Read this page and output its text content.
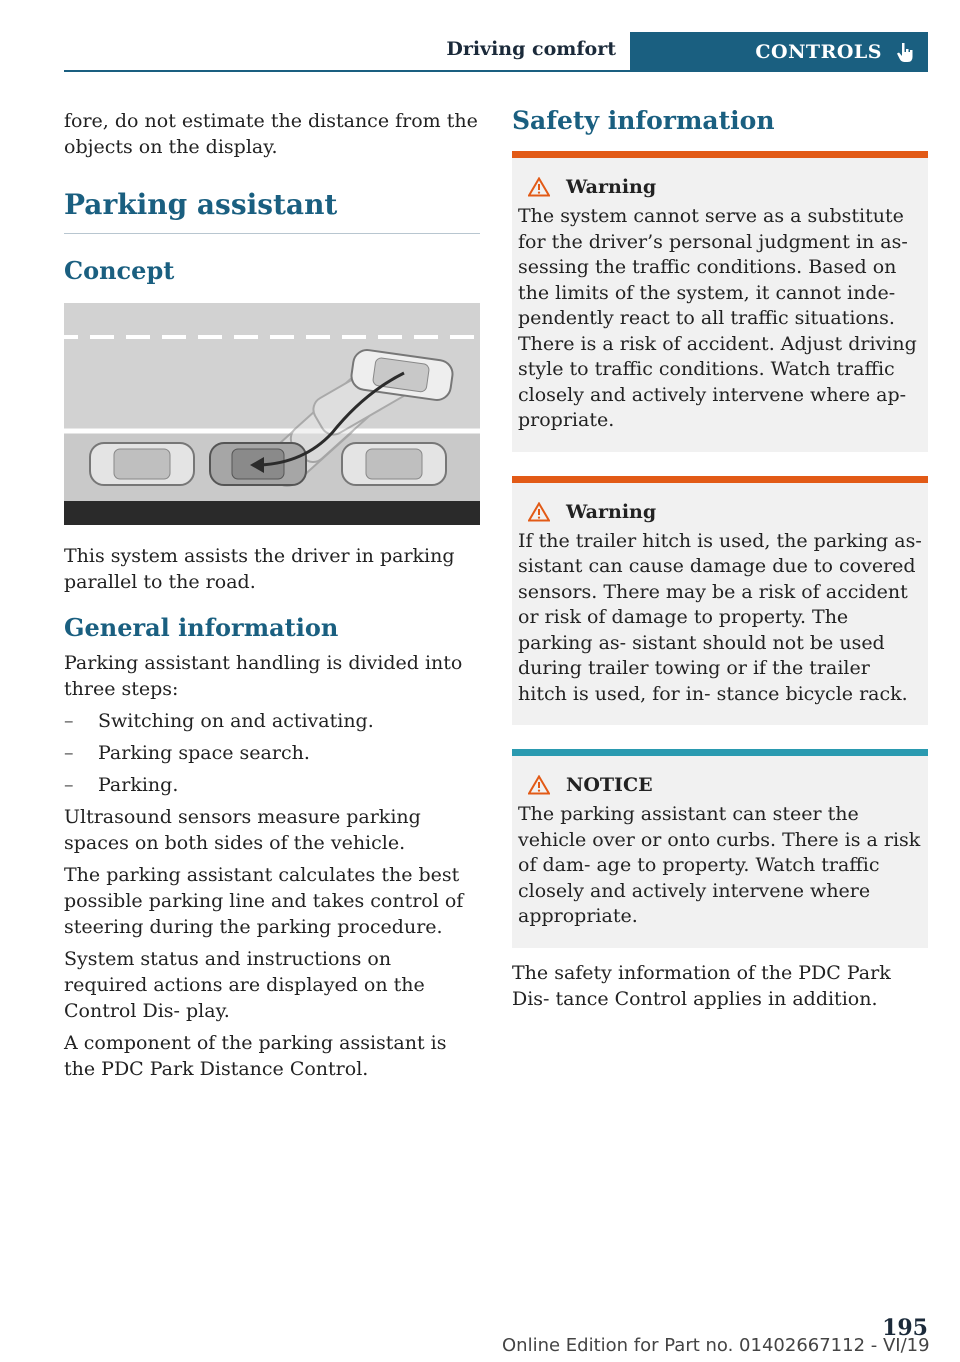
Driving comfort	CONTROLS

fore, do not estimate the distance from the objects on the display.

Parking assistant
Concept

This system assists the driver in parking parallel to the road.

General information

Parking assistant handling is divided into three steps:

– Switching on and activating.
– Parking space search.
– Parking.

Ultrasound sensors measure parking spaces on both sides of the vehicle.

The parking assistant calculates the best possible parking line and takes control of steering during the parking procedure.

System status and instructions on required actions are displayed on the Control Dis‐ play.

A component of the parking assistant is the PDC Park Distance Control.

Safety information
Warning

The system cannot serve as a substitute for the driver’s personal judgment in as‐ sessing the traffic conditions. Based on the limits of the system, it cannot inde‐ pendently react to all traffic situations. There is a risk of accident. Adjust driving style to traffic conditions. Watch traffic closely and actively intervene where ap‐ propriate.

Warning

If the trailer hitch is used, the parking as‐ sistant can cause damage due to covered sensors. There may be a risk of accident or risk of damage to property. The parking as‐ sistant should not be used during trailer towing or if the trailer hitch is used, for in‐ stance bicycle rack.

NOTICE

The parking assistant can steer the vehicle over or onto curbs. There is a risk of dam‐ age to property. Watch traffic closely and actively intervene where appropriate.

The safety information of the PDC Park Dis‐ tance Control applies in addition.

195
Online Edition for Part no. 01402667112 - VI/19
